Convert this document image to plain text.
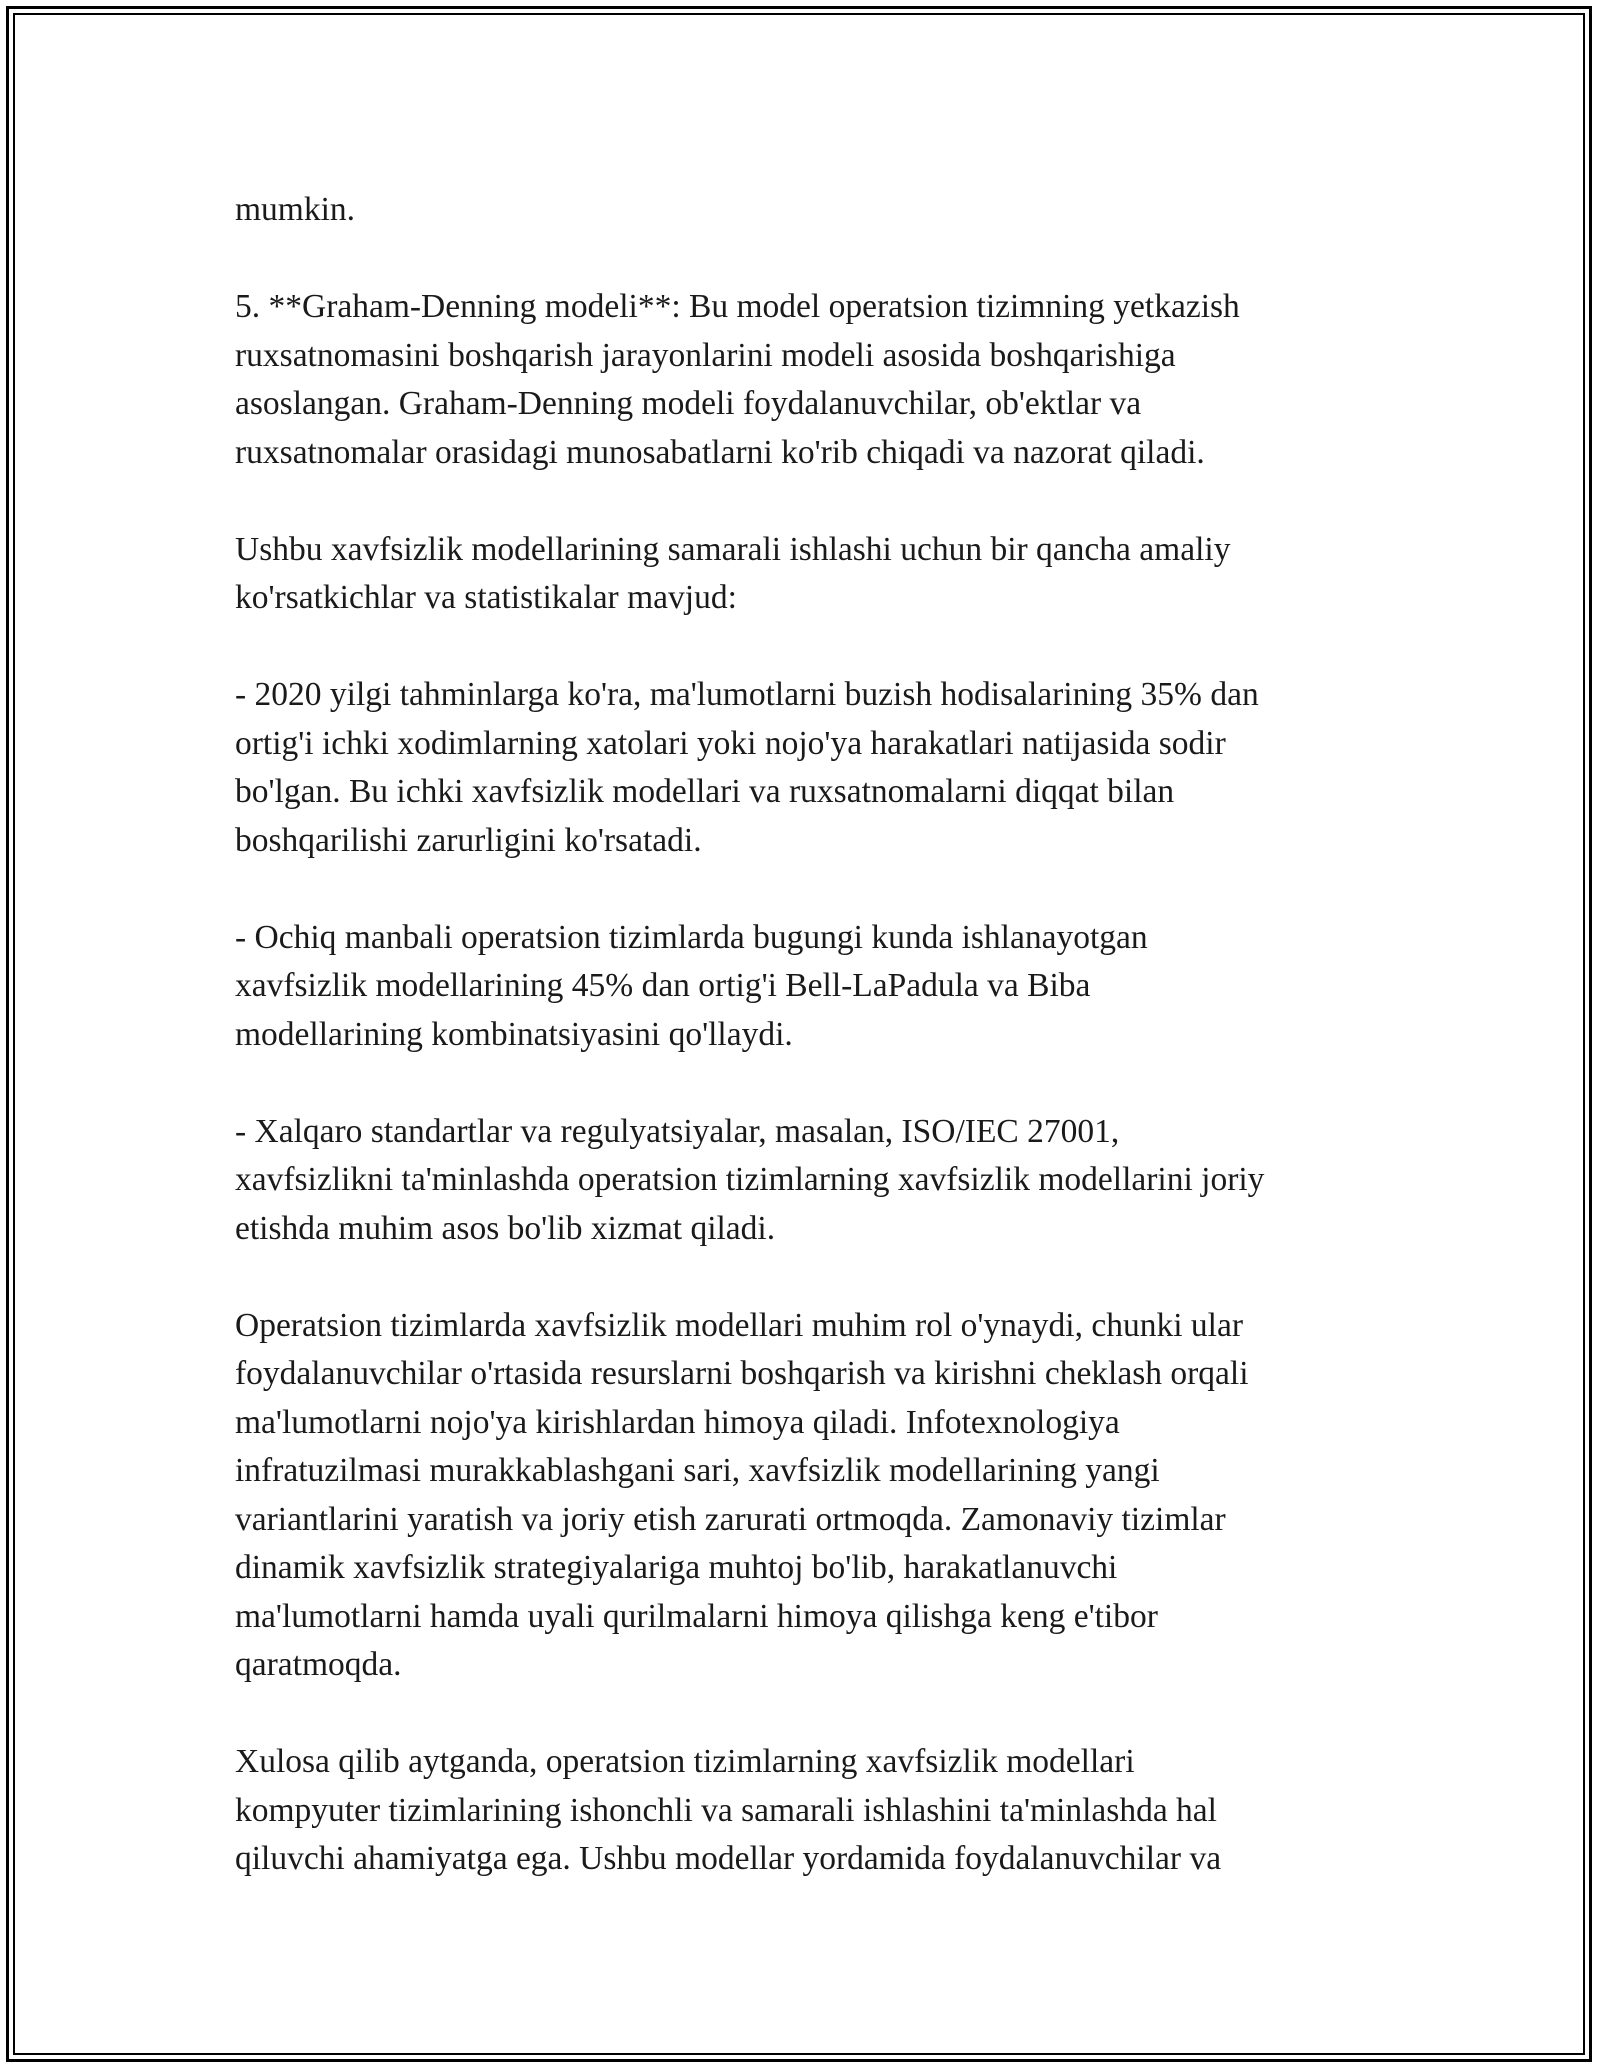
mumkin.

5. **Graham-Denning modeli**: Bu model operatsion tizimning yetkazish
ruxsatnomasini boshqarish jarayonlarini modeli asosida boshqarishiga
asoslangan. Graham-Denning modeli foydalanuvchilar, ob'ektlar va
ruxsatnomalar orasidagi munosabatlarni ko'rib chiqadi va nazorat qiladi.

Ushbu xavfsizlik modellarining samarali ishlashi uchun bir qancha amaliy
ko'rsatkichlar va statistikalar mavjud:

- 2020 yilgi tahminlarga ko'ra, ma'lumotlarni buzish hodisalarining 35% dan
ortig'i ichki xodimlarning xatolari yoki nojo'ya harakatlari natijasida sodir
bo'lgan. Bu ichki xavfsizlik modellari va ruxsatnomalarni diqqat bilan
boshqarilishi zarurligini ko'rsatadi.

- Ochiq manbali operatsion tizimlarda bugungi kunda ishlanayotgan
xavfsizlik modellarining 45% dan ortig'i Bell-LaPadula va Biba
modellarining kombinatsiyasini qo'llaydi.

- Xalqaro standartlar va regulyatsiyalar, masalan, ISO/IEC 27001,
xavfsizlikni ta'minlashda operatsion tizimlarning xavfsizlik modellarini joriy
etishda muhim asos bo'lib xizmat qiladi.

Operatsion tizimlarda xavfsizlik modellari muhim rol o'ynaydi, chunki ular
foydalanuvchilar o'rtasida resurslarni boshqarish va kirishni cheklash orqali
ma'lumotlarni nojo'ya kirishlardan himoya qiladi. Infotexnologiya
infratuzilmasi murakkablashgani sari, xavfsizlik modellarining yangi
variantlarini yaratish va joriy etish zarurati ortmoqda. Zamonaviy tizimlar
dinamik xavfsizlik strategiyalariga muhtoj bo'lib, harakatlanuvchi
ma'lumotlarni hamda uyali qurilmalarni himoya qilishga keng e'tibor
qaratmoqda.

Xulosa qilib aytganda, operatsion tizimlarning xavfsizlik modellari
kompyuter tizimlarining ishonchli va samarali ishlashini ta'minlashda hal
qiluvchi ahamiyatga ega. Ushbu modellar yordamida foydalanuvchilar va
